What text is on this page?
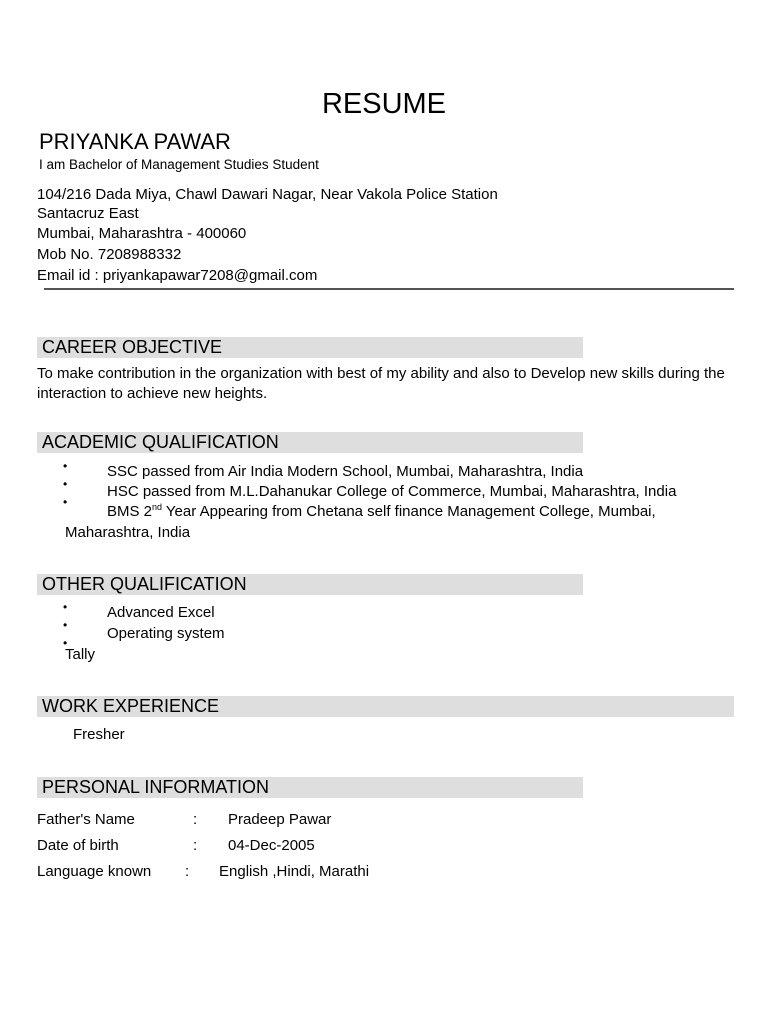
RESUME
PRIYANKA PAWAR
I am Bachelor of Management Studies Student
104/216 Dada Miya, Chawl Dawari Nagar, Near Vakola Police Station
Santacruz East
Mumbai, Maharashtra - 400060
Mob No. 7208988332
Email id : priyankapawar7208@gmail.com
CAREER OBJECTIVE
To make contribution in the organization with best of my ability and also to Develop new skills during the interaction to achieve new heights.
ACADEMIC QUALIFICATION
•
•
•
SSC passed from Air India Modern School, Mumbai, Maharashtra, India
HSC passed from M.L.Dahanukar College of Commerce, Mumbai, Maharashtra, India
BMS 2nd Year Appearing from Chetana self finance Management College, Mumbai,
Maharashtra, India
OTHER QUALIFICATION
•
•
•
Advanced Excel
Operating system
Tally
WORK EXPERIENCE
Fresher
PERSONAL INFORMATION
Father's Name	: Pradeep Pawar
Date of birth	: 04-Dec-2005
Language known : English ,Hindi, Marathi
